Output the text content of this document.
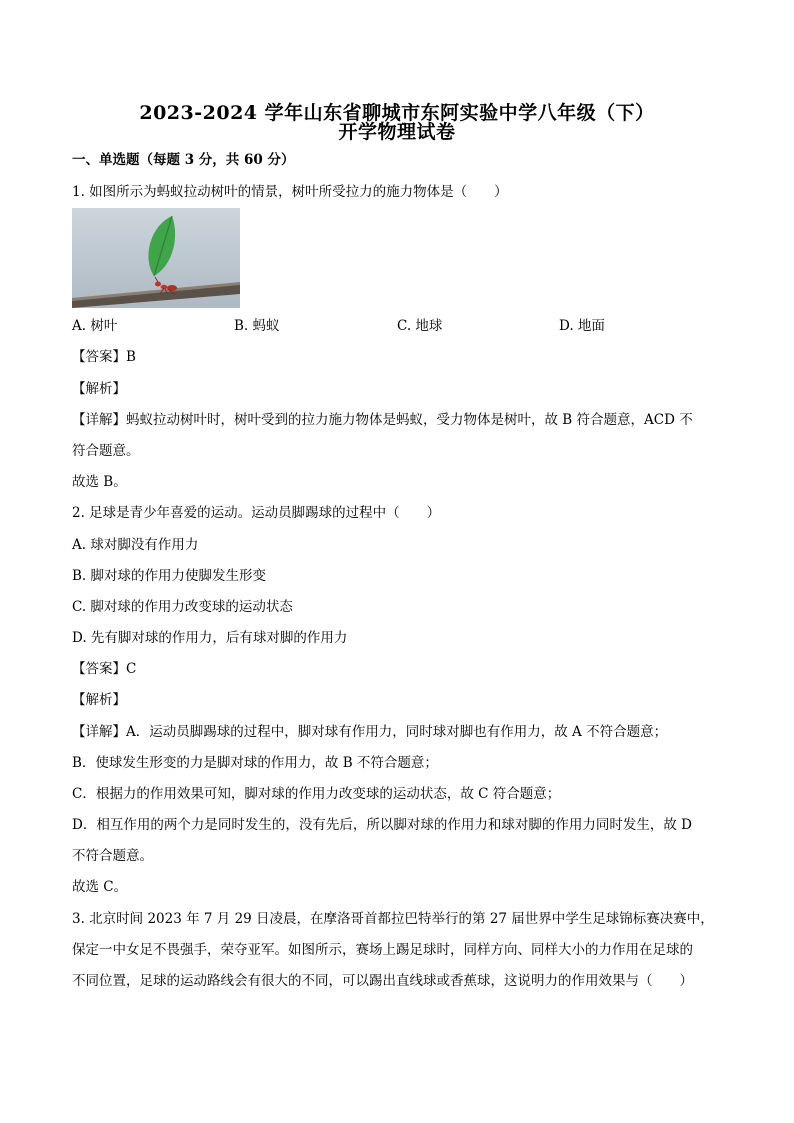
2023-2024 学年山东省聊城市东阿实验中学八年级（下）
开学物理试卷
一、单选题（每题 3 分，共 60 分）
1. 如图所示为蚂蚁拉动树叶的情景，树叶所受拉力的施力物体是（　　）
A. 树叶	B. 蚂蚁	C. 地球	D. 地面
【答案】B
【解析】
【详解】蚂蚁拉动树叶时，树叶受到的拉力施力物体是蚂蚁，受力物体是树叶，故 B 符合题意，ACD 不
符合题意。
故选 B。
2. 足球是青少年喜爱的运动。运动员脚踢球的过程中（　　）
A. 球对脚没有作用力
B. 脚对球的作用力使脚发生形变
C. 脚对球的作用力改变球的运动状态
D. 先有脚对球的作用力，后有球对脚的作用力
【答案】C
【解析】
【详解】A．运动员脚踢球的过程中，脚对球有作用力，同时球对脚也有作用力，故 A 不符合题意；
B．使球发生形变的力是脚对球的作用力，故 B 不符合题意；
C．根据力的作用效果可知，脚对球的作用力改变球的运动状态，故 C 符合题意；
D．相互作用的两个力是同时发生的，没有先后，所以脚对球的作用力和球对脚的作用力同时发生，故 D
不符合题意。
故选 C。
3. 北京时间 2023 年 7 月 29 日凌晨，在摩洛哥首都拉巴特举行的第 27 届世界中学生足球锦标赛决赛中，
保定一中女足不畏强手，荣夺亚军。如图所示，赛场上踢足球时，同样方向、同样大小的力作用在足球的
不同位置，足球的运动路线会有很大的不同，可以踢出直线球或香蕉球，这说明力的作用效果与（　　）
